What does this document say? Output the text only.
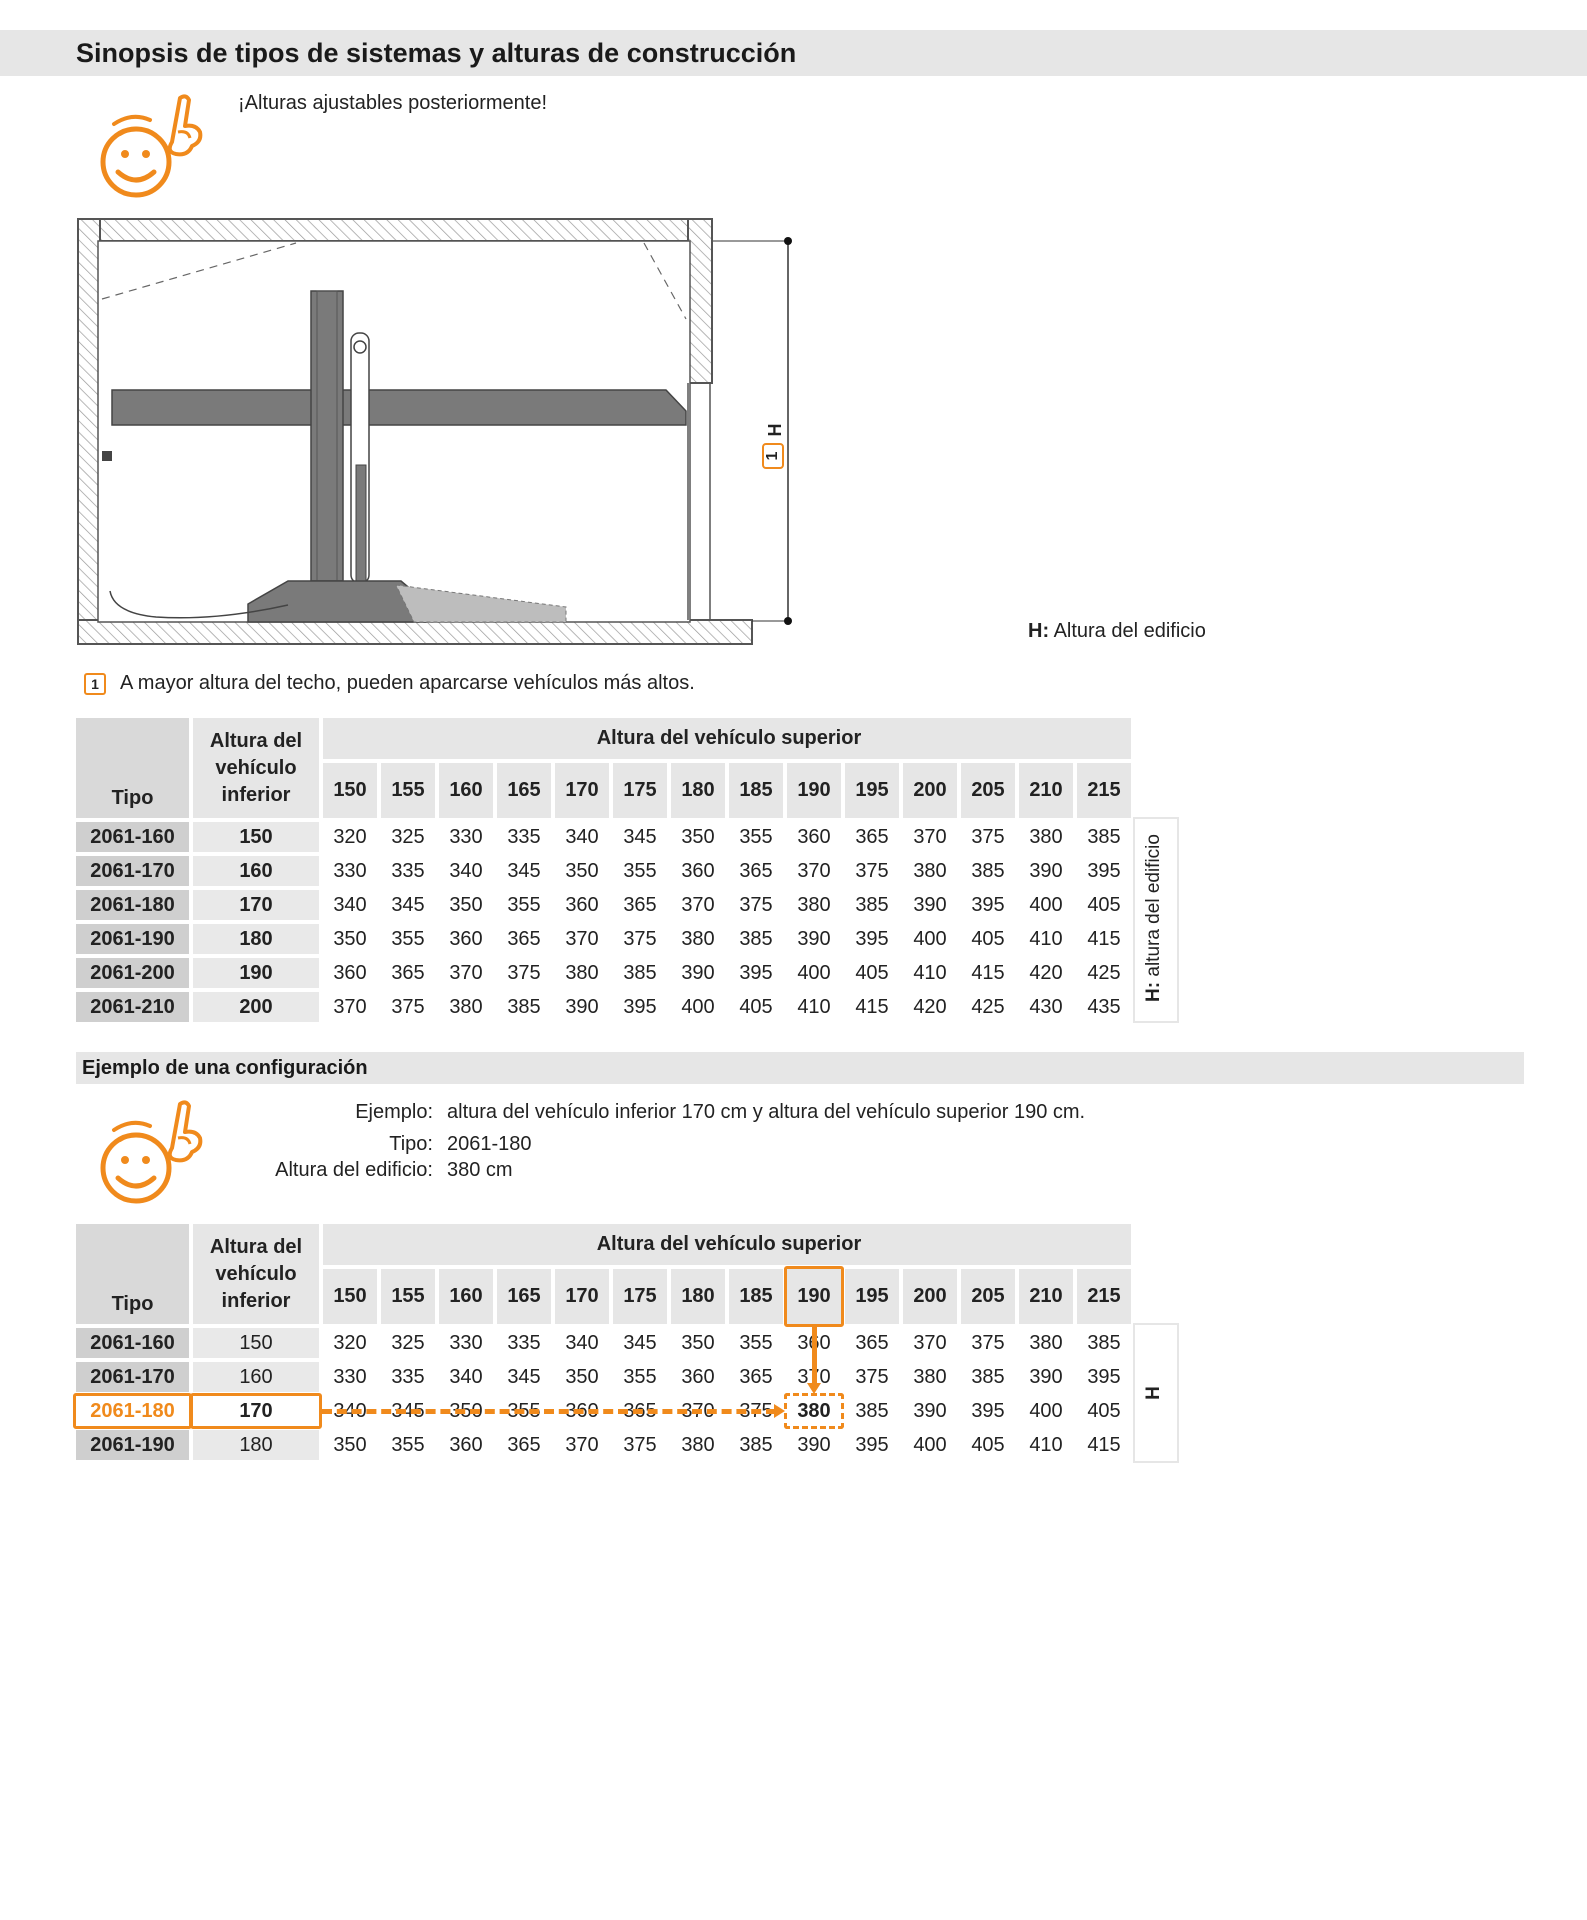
Sinopsis de tipos de sistemas y alturas de construcción
¡Alturas ajustables posteriormente!
1
H
H: Altura del edificio
1	A mayor altura del techo, pueden aparcarse vehículos más altos.
H: altura del edificio
Tipo	Altura del
vehículo
inferior	Altura del vehículo superior													
		150	155	160	165	170	175	180	185	190	195	200	205	210	215
2061-160	150	320	325	330	335	340	345	350	355	360	365	370	375	380	385
2061-170	160	330	335	340	345	350	355	360	365	370	375	380	385	390	395
2061-180	170	340	345	350	355	360	365	370	375	380	385	390	395	400	405
2061-190	180	350	355	360	365	370	375	380	385	390	395	400	405	410	415
2061-200	190	360	365	370	375	380	385	390	395	400	405	410	415	420	425
2061-210	200	370	375	380	385	390	395	400	405	410	415	420	425	430	435
Ejemplo de una configuración
Ejemplo: altura del vehículo inferior 170 cm y altura del vehículo superior 190 cm.
Tipo: 2061-180
Altura del edificio: 380 cm
H
Tipo	Altura del
vehículo
inferior	Altura del vehículo superior													
		150	155	160	165	170	175	180	185	190	195	200	205	210	215
2061-160	150	320	325	330	335	340	345	350	355	360	365	370	375	380	385
2061-170	160	330	335	340	345	350	355	360	365	370	375	380	385	390	395
2061-180	170	340	345	350	355	360	365	370	375	380	385	390	395	400	405
2061-190	180	350	355	360	365	370	375	380	385	390	395	400	405	410	415
